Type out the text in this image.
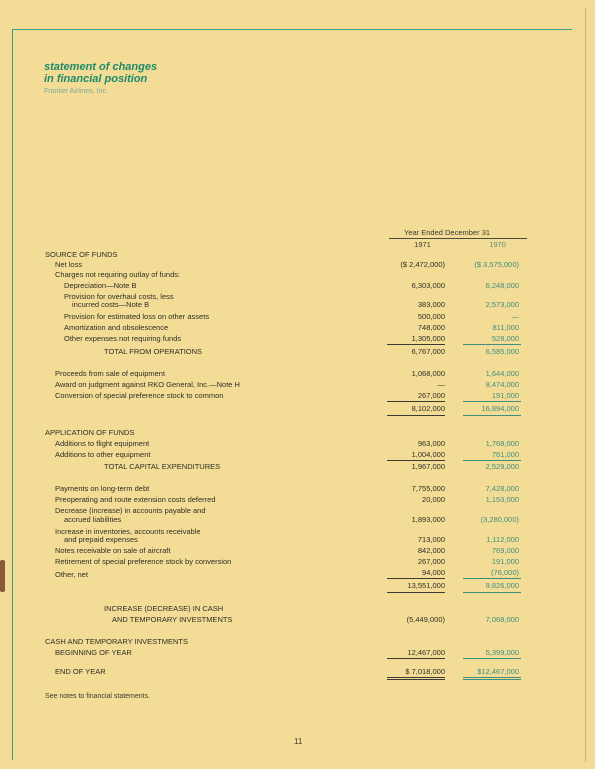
statement of changes
in financial position
Frontier Airlines, Inc.
Year Ended December 31
1971	1970
SOURCE OF FUNDS
Net loss	($ 2,472,000)	($ 3,575,000)
Charges not requiring outlay of funds:
Depreciation—Note B	6,303,000	6,248,000
Provision for overhaul costs, less
incurred costs—Note B	383,000	2,573,000
Provision for estimated loss on other assets	500,000	—
Amortization and obsolescence	748,000	811,000
Other expenses not requiring funds	1,305,000	528,000
TOTAL FROM OPERATIONS	6,767,000	6,585,000
Proceeds from sale of equipment	1,068,000	1,644,000
Award on judgment against RKO General, Inc.—Note H	—	8,474,000
Conversion of special preference stock to common	267,000	191,000
8,102,000	16,894,000
APPLICATION OF FUNDS
Additions to flight equipment	963,000	1,768,000
Additions to other equipment	1,004,000	761,000
TOTAL CAPITAL EXPENDITURES	1,967,000	2,529,000
Payments on long-term debt	7,755,000	7,428,000
Preoperating and route extension costs deferred	20,000	1,153,000
Decrease (increase) in accounts payable and
accrued liabilities	1,893,000	(3,280,000)
Increase in inventories, accounts receivable
and prepaid expenses	713,000	1,112,000
Notes receivable on sale of aircraft	842,000	769,000
Retirement of special preference stock by conversion	267,000	191,000
Other, net	94,000	(76,000)
13,551,000	9,826,000
INCREASE (DECREASE) IN CASH
AND TEMPORARY INVESTMENTS	(5,449,000)	7,068,000
CASH AND TEMPORARY INVESTMENTS
BEGINNING OF YEAR	12,467,000	5,399,000
END OF YEAR	$ 7,018,000	$12,467,000
See notes to financial statements.
11
